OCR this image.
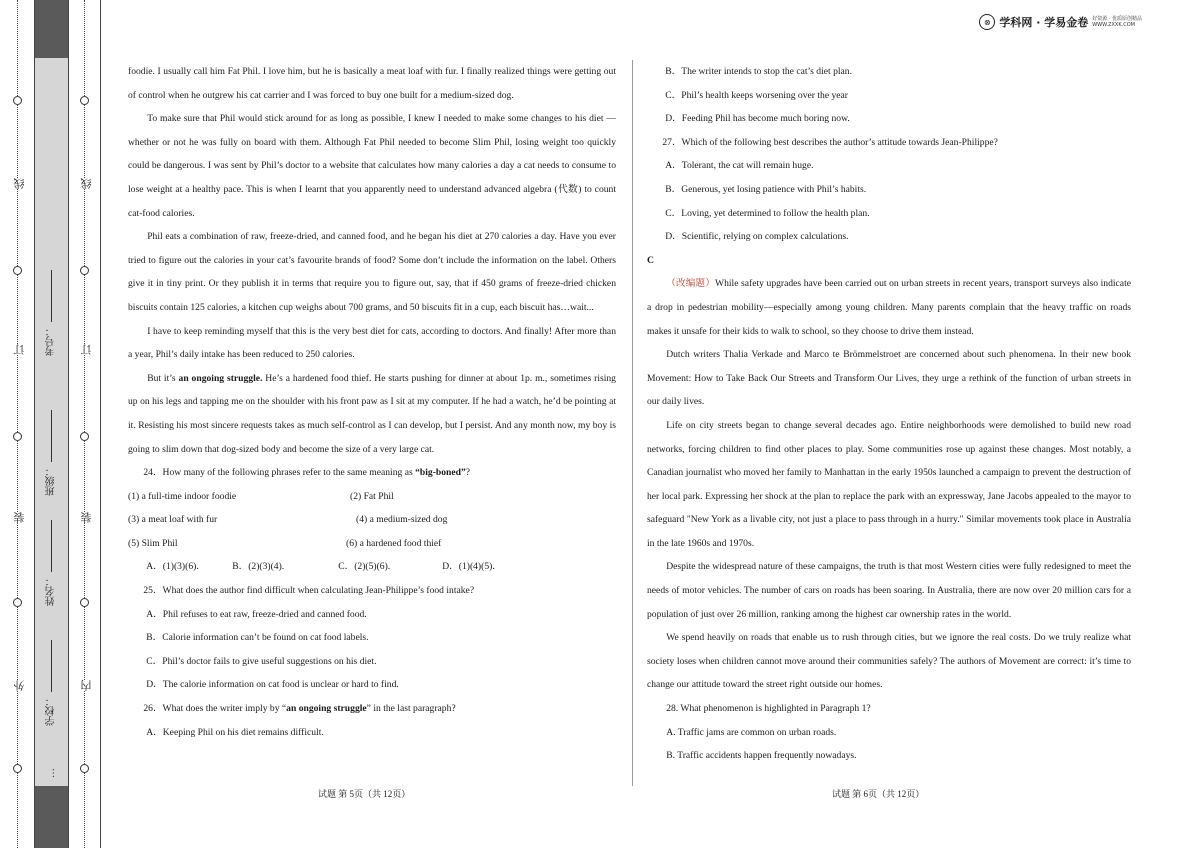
线
订
装
外
线
订
装
内
考号：
班级：
姓名：
学校：
…
⊗ 学科网 · 学易金卷 好资源 · 优质原创精品
WWW.ZXXK.COM

foodie. I usually call him Fat Phil. I love him, but he is basically a meat loaf with fur. I finally realized things were getting out of control when he outgrew his cat carrier and I was forced to buy one built for a medium-sized dog.

To make sure that Phil would stick around for as long as possible, I knew I needed to make some changes to his diet — whether or not he was fully on board with them. Although Fat Phil needed to become Slim Phil, losing weight too quickly could be dangerous. I was sent by Phil’s doctor to a website that calculates how many calories a day a cat needs to consume to lose weight at a healthy pace. This is when I learnt that you apparently need to understand advanced algebra (代数) to count cat-food calories.

Phil eats a combination of raw, freeze-dried, and canned food, and he began his diet at 270 calories a day. Have you ever tried to figure out the calories in your cat’s favourite brands of food? Some don’t include the information on the label. Others give it in tiny print. Or they publish it in terms that require you to figure out, say, that if 450 grams of freeze-dried chicken biscuits contain 125 calories, a kitchen cup weighs about 700 grams, and 50 biscuits fit in a cup, each biscuit has…wait...

I have to keep reminding myself that this is the very best diet for cats, according to doctors. And finally! After more than a year, Phil’s daily intake has been reduced to 250 calories.

But it’s an ongoing struggle. He’s a hardened food thief. He starts pushing for dinner at about 1p. m., sometimes rising up on his legs and tapping me on the shoulder with his front paw as I sit at my computer. If he had a watch, he’d be pointing at it. Resisting his most sincere requests takes as much self-control as I can develop, but I persist. And any month now, my boy is going to slim down that dog-sized body and become the size of a very large cat.

24．How many of the following phrases refer to the same meaning as “big-boned”?

(1) a full-time indoor foodie	(2) Fat Phil
(3) a meat loaf with fur	(4) a medium-sized dog
(5) Slim Phil	(6) a hardened food thief
A．(1)(3)(6).	B．(2)(3)(4).	C．(2)(5)(6).	D．(1)(4)(5).

25．What does the author find difficult when calculating Jean-Philippe’s food intake?

A．Phil refuses to eat raw, freeze-dried and canned food.

B．Calorie information can’t be found on cat food labels.

C．Phil’s doctor fails to give useful suggestions on his diet.

D．The calorie information on cat food is unclear or hard to find.

26．What does the writer imply by “an ongoing struggle” in the last paragraph?

A．Keeping Phil on his diet remains difficult.

试题 第 5页（共 12页）

B．The writer intends to stop the cat’s diet plan.

C．Phil’s health keeps worsening over the year

D．Feeding Phil has become much boring now.

27．Which of the following best describes the author’s attitude towards Jean-Philippe?

A．Tolerant, the cat will remain huge.

B．Generous, yet losing patience with Phil’s habits.

C．Loving, yet determined to follow the health plan.

D．Scientific, relying on complex calculations.

C

（改编题）While safety upgrades have been carried out on urban streets in recent years, transport surveys also indicate a drop in pedestrian mobility—especially among young children. Many parents complain that the heavy traffic on roads makes it unsafe for their kids to walk to school, so they choose to drive them instead.

Dutch writers Thalia Verkade and Marco te Brömmelstroet are concerned about such phenomena. In their new book Movement: How to Take Back Our Streets and Transform Our Lives, they urge a rethink of the function of urban streets in our daily lives.

Life on city streets began to change several decades ago. Entire neighborhoods were demolished to build new road networks, forcing children to find other places to play. Some communities rose up against these changes. Most notably, a Canadian journalist who moved her family to Manhattan in the early 1950s launched a campaign to prevent the destruction of her local park. Expressing her shock at the plan to replace the park with an expressway, Jane Jacobs appealed to the mayor to safeguard "New York as a livable city, not just a place to pass through in a hurry." Similar movements took place in Australia in the late 1960s and 1970s.

Despite the widespread nature of these campaigns, the truth is that most Western cities were fully redesigned to meet the needs of motor vehicles. The number of cars on roads has been soaring. In Australia, there are now over 20 million cars for a population of just over 26 million, ranking among the highest car ownership rates in the world.

We spend heavily on roads that enable us to rush through cities, but we ignore the real costs. Do we truly realize what society loses when children cannot move around their communities safely? The authors of Movement are correct: it’s time to change our attitude toward the street right outside our homes.

28. What phenomenon is highlighted in Paragraph 1?

A. Traffic jams are common on urban roads.

B. Traffic accidents happen frequently nowadays.

试题 第 6页（共 12页）
